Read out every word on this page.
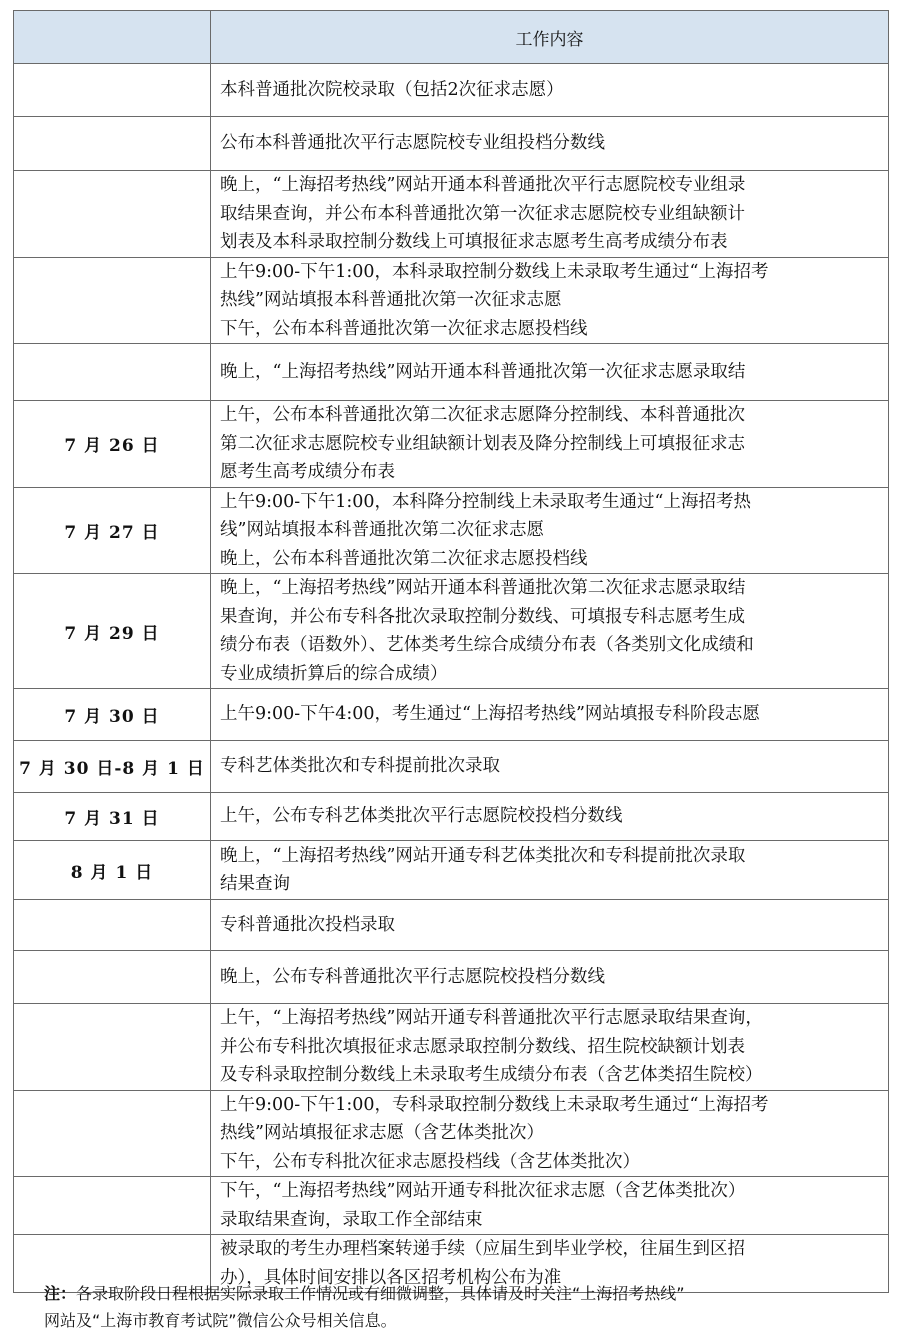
	工作内容

	本科普通批次院校录取（包括2次征求志愿）

	公布本科普通批次平行志愿院校专业组投档分数线

	晚上，“上海招考热线”网站开通本科普通批次平行志愿院校专业组录
取结果查询，并公布本科普通批次第一次征求志愿院校专业组缺额计
划表及本科录取控制分数线上可填报征求志愿考生高考成绩分布表

	上午9:00-下午1:00，本科录取控制分数线上未录取考生通过“上海招考
热线”网站填报本科普通批次第一次征求志愿
下午，公布本科普通批次第一次征求志愿投档线

	晚上，“上海招考热线”网站开通本科普通批次第一次征求志愿录取结

7 月 26 日	上午，公布本科普通批次第二次征求志愿降分控制线、本科普通批次
第二次征求志愿院校专业组缺额计划表及降分控制线上可填报征求志
愿考生高考成绩分布表

7 月 27 日	上午9:00-下午1:00，本科降分控制线上未录取考生通过“上海招考热
线”网站填报本科普通批次第二次征求志愿
晚上，公布本科普通批次第二次征求志愿投档线

7 月 29 日	晚上，“上海招考热线”网站开通本科普通批次第二次征求志愿录取结
果查询，并公布专科各批次录取控制分数线、可填报专科志愿考生成
绩分布表（语数外）、艺体类考生综合成绩分布表（各类别文化成绩和
专业成绩折算后的综合成绩）

7 月 30 日	上午9:00-下午4:00，考生通过“上海招考热线”网站填报专科阶段志愿

7 月 30 日-8 月 1 日	专科艺体类批次和专科提前批次录取

7 月 31 日	上午，公布专科艺体类批次平行志愿院校投档分数线

8 月 1 日	晚上，“上海招考热线”网站开通专科艺体类批次和专科提前批次录取
结果查询

	专科普通批次投档录取

	晚上，公布专科普通批次平行志愿院校投档分数线

	上午，“上海招考热线”网站开通专科普通批次平行志愿录取结果查询，
并公布专科批次填报征求志愿录取控制分数线、招生院校缺额计划表
及专科录取控制分数线上未录取考生成绩分布表（含艺体类招生院校）

	上午9:00-下午1:00，专科录取控制分数线上未录取考生通过“上海招考
热线”网站填报征求志愿（含艺体类批次）
下午，公布专科批次征求志愿投档线（含艺体类批次）

	下午，“上海招考热线”网站开通专科批次征求志愿（含艺体类批次）
录取结果查询，录取工作全部结束

	被录取的考生办理档案转递手续（应届生到毕业学校，往届生到区招
办），具体时间安排以各区招考机构公布为准
注：各录取阶段日程根据实际录取工作情况或有细微调整，具体请及时关注“上海招考热线”
网站及“上海市教育考试院”微信公众号相关信息。
